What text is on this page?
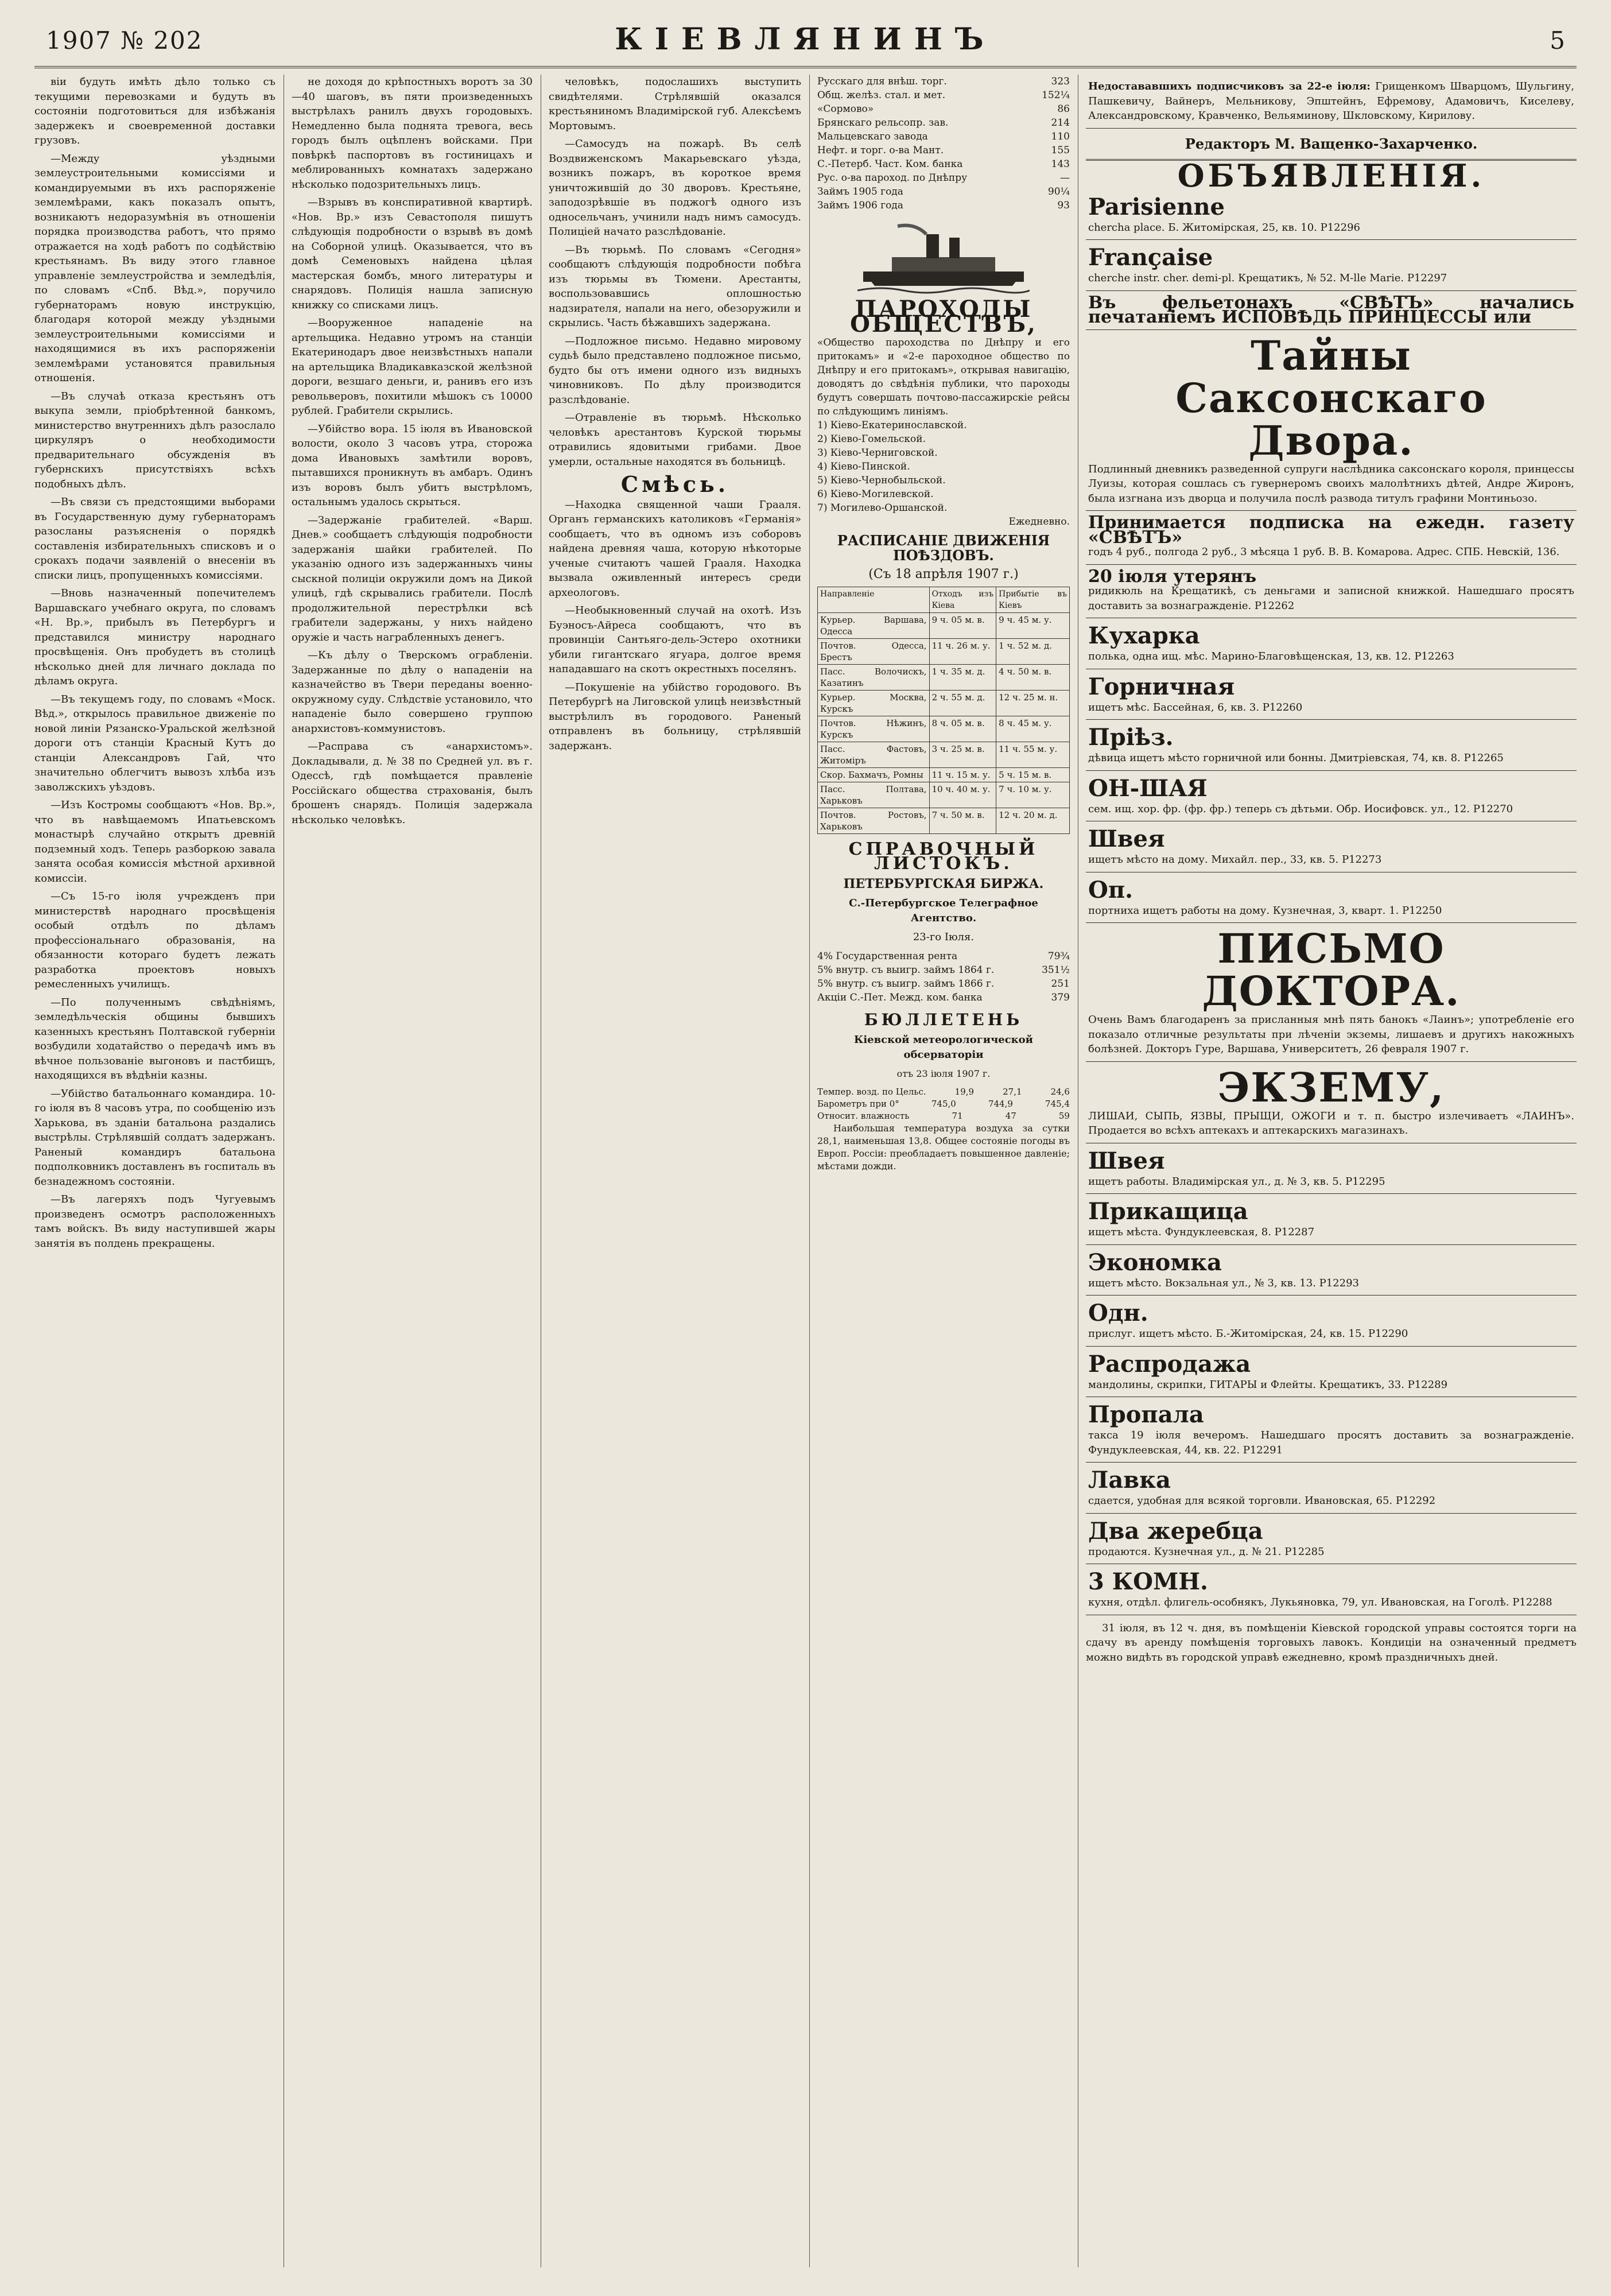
1907 № 202	КІЕВЛЯНИНЪ	5

віи будуть имѣть дѣло только съ текущими перевозками и будуть въ состояніи подготовиться для избѣжанія задержекъ и своевременной доставки грузовъ.

—Между уѣздными землеустроительными комиссіями и командируемыми въ ихъ распоряженіе землемѣрами, какъ показалъ опытъ, возникаютъ недоразумѣнія въ отношеніи порядка производства работъ, что прямо отражается на ходѣ работъ по содѣйствію крестьянамъ. Въ виду этого главное управленіе землеустройства и земледѣлія, по словамъ «Спб. Вѣд.», поручило губернаторамъ новую инструкцію, благодаря которой между уѣздными землеустроительными комиссіями и находящимися въ ихъ распоряженіи землемѣрами установятся правильныя отношенія.

—Въ случаѣ отказа крестьянъ отъ выкупа земли, пріобрѣтенной банкомъ, министерство внутреннихъ дѣлъ разослало циркуляръ о необходимости предварительнаго обсужденія въ губернскихъ присутствіяхъ всѣхъ подобныхъ дѣлъ.

—Въ связи съ предстоящими выборами въ Государственную думу губернаторамъ разосланы разъясненія о порядкѣ составленія избирательныхъ списковъ и о срокахъ подачи заявленій о внесеніи въ списки лицъ, пропущенныхъ комиссіями.

—Вновь назначенный попечителемъ Варшавскаго учебнаго округа, по словамъ «Н. Вр.», прибылъ въ Петербургъ и представился министру народнаго просвѣщенія. Онъ пробудетъ въ столицѣ нѣсколько дней для личнаго доклада по дѣламъ округа.

—Въ текущемъ году, по словамъ «Моск. Вѣд.», открылось правильное движеніе по новой линіи Рязанско-Уральской желѣзной дороги отъ станціи Красный Кутъ до станціи Александровъ Гай, что значительно облегчитъ вывозъ хлѣба изъ заволжскихъ уѣздовъ.

—Изъ Костромы сообщаютъ «Нов. Вр.», что въ навѣщаемомъ Ипатьевскомъ монастырѣ случайно открытъ древній подземный ходъ. Теперь разборкою завала занята особая комиссія мѣстной архивной комиссіи.

—Съ 15-го іюля учрежденъ при министерствѣ народнаго просвѣщенія особый отдѣлъ по дѣламъ профессіональнаго образованія, на обязанности котораго будетъ лежать разработка проектовъ новыхъ ремесленныхъ училищъ.

—По полученнымъ свѣдѣніямъ, земледѣльческія общины бывшихъ казенныхъ крестьянъ Полтавской губерніи возбудили ходатайство о передачѣ имъ въ вѣчное пользованіе выгоновъ и пастбищъ, находящихся въ вѣдѣніи казны.

—Убійство батальоннаго командира. 10-го іюля въ 8 часовъ утра, по сообщенію изъ Харькова, въ зданіи батальона раздались выстрѣлы. Стрѣлявшій солдатъ задержанъ. Раненый командиръ батальона подполковникъ доставленъ въ госпиталь въ безнадежномъ состояніи.

—Въ лагеряхъ подъ Чугуевымъ произведенъ осмотръ расположенныхъ тамъ войскъ. Въ виду наступившей жары занятія въ полдень прекращены.

не доходя до крѣпостныхъ воротъ за 30—40 шаговъ, въ пяти произведенныхъ выстрѣлахъ ранилъ двухъ городовыхъ. Немедленно была поднята тревога, весь городъ былъ оцѣпленъ войсками. При повѣркѣ паспортовъ въ гостиницахъ и меблированныхъ комнатахъ задержано нѣсколько подозрительныхъ лицъ.

—Взрывъ въ конспиративной квартирѣ. «Нов. Вр.» изъ Севастополя пишутъ слѣдующія подробности о взрывѣ въ домѣ на Соборной улицѣ. Оказывается, что въ домѣ Семеновыхъ найдена цѣлая мастерская бомбъ, много литературы и снарядовъ. Полиція нашла записную книжку со списками лицъ.

—Вооруженное нападеніе на артельщика. Недавно утромъ на станціи Екатеринодаръ двое неизвѣстныхъ напали на артельщика Владикавказской желѣзной дороги, везшаго деньги, и, ранивъ его изъ револьверовъ, похитили мѣшокъ съ 10000 рублей. Грабители скрылись.

—Убійство вора. 15 іюля въ Ивановской волости, около 3 часовъ утра, сторожа дома Ивановыхъ замѣтили воровъ, пытавшихся проникнуть въ амбаръ. Одинъ изъ воровъ былъ убитъ выстрѣломъ, остальнымъ удалось скрыться.

—Задержаніе грабителей. «Варш. Днев.» сообщаетъ слѣдующія подробности задержанія шайки грабителей. По указанію одного изъ задержанныхъ чины сыскной полиціи окружили домъ на Дикой улицѣ, гдѣ скрывались грабители. Послѣ продолжительной перестрѣлки всѣ грабители задержаны, у нихъ найдено оружіе и часть награбленныхъ денегъ.

—Къ дѣлу о Тверскомъ ограбленіи. Задержанные по дѣлу о нападеніи на казначейство въ Твери переданы военно-окружному суду. Слѣдствіе установило, что нападеніе было совершено группою анархистовъ-коммунистовъ.

—Расправа съ «анархистомъ». Докладывали, д. № 38 по Средней ул. въ г. Одессѣ, гдѣ помѣщается правленіе Россійскаго общества страхованія, былъ брошенъ снарядъ. Полиція задержала нѣсколько человѣкъ.

человѣкъ, подослашихъ выступить свидѣтелями. Стрѣлявшій оказался крестьяниномъ Владимірской губ. Алексѣемъ Мортовымъ.

—Самосудъ на пожарѣ. Въ селѣ Воздвиженскомъ Макарьевскаго уѣзда, возникъ пожаръ, въ короткое время уничтожившій до 30 дворовъ. Крестьяне, заподозрѣвшіе въ поджогѣ одного изъ односельчанъ, учинили надъ нимъ самосудъ. Полиціей начато разслѣдованіе.

—Въ тюрьмѣ. По словамъ «Сегодня» сообщаютъ слѣдующія подробности побѣга изъ тюрьмы въ Тюмени. Арестанты, воспользовавшись оплошностью надзирателя, напали на него, обезоружили и скрылись. Часть бѣжавшихъ задержана.

—Подложное письмо. Недавно мировому судьѣ было представлено подложное письмо, будто бы отъ имени одного изъ видныхъ чиновниковъ. По дѣлу производится разслѣдованіе.

—Отравленіе въ тюрьмѣ. Нѣсколько человѣкъ арестантовъ Курской тюрьмы отравились ядовитыми грибами. Двое умерли, остальные находятся въ больницѣ.

Смѣсь.

—Находка священной чаши Грааля. Органъ германскихъ католиковъ «Германія» сообщаетъ, что въ одномъ изъ соборовъ найдена древняя чаша, которую нѣкоторые ученые считаютъ чашей Грааля. Находка вызвала оживленный интересъ среди археологовъ.

—Необыкновенный случай на охотѣ. Изъ Буэносъ-Айреса сообщаютъ, что въ провинціи Сантьяго-дель-Эстеро охотники убили гигантскаго ягуара, долгое время нападавшаго на скотъ окрестныхъ поселянъ.

—Покушеніе на убійство городового. Въ Петербургѣ на Лиговской улицѣ неизвѣстный выстрѣлилъ въ городового. Раненый отправленъ въ больницу, стрѣлявшій задержанъ.

Русскаго для внѣш. торг.	323
Общ. желѣз. стал. и мет.	152¼
«Сормово»	86
Брянскаго рельсопр. зав.	214
Мальцевскаго завода	110
Нефт. и торг. о-ва Мант.	155
С.-Петерб. Част. Ком. банка	143
Рус. о-ва пароход. по Днѣпру	—
Займъ 1905 года	90¼
Займъ 1906 года	93
ПАРОХОДЫ ОБЩЕСТВЪ,
«Общество пароходства по Днѣпру и его притокамъ» и «2-е пароходное общество по Днѣпру и его притокамъ», открывая навигацію, доводятъ до свѣдѣнія публики, что пароходы будутъ совершать почтово-пассажирскіе рейсы по слѣдующимъ линіямъ.
1) Кіево-Екатеринославской.
2) Кіево-Гомельской.
3) Кіево-Черниговской.
4) Кіево-Пинской.
5) Кіево-Чернобыльской.
6) Кіево-Могилевской.
7) Могилево-Оршанской.
Ежедневно.
РАСПИСАНІЕ ДВИЖЕНІЯ ПОѢЗДОВЪ.
(Съ 18 апрѣля 1907 г.)
Направленіе	Отходъ изъ Кіева	Прибытіе въ Кіевъ
Курьер. Варшава, Одесса	9 ч. 05 м. в.	9 ч. 45 м. у.
Почтов. Одесса, Брестъ	11 ч. 26 м. у.	1 ч. 52 м. д.
Пасс. Волочискъ, Казатинъ	1 ч. 35 м. д.	4 ч. 50 м. в.
Курьер. Москва, Курскъ	2 ч. 55 м. д.	12 ч. 25 м. н.
Почтов. Нѣжинъ, Курскъ	8 ч. 05 м. в.	8 ч. 45 м. у.
Пасс. Фастовъ, Житоміръ	3 ч. 25 м. в.	11 ч. 55 м. у.
Скор. Бахмачъ, Ромны	11 ч. 15 м. у.	5 ч. 15 м. в.
Пасс. Полтава, Харьковъ	10 ч. 40 м. у.	7 ч. 10 м. у.
Почтов. Ростовъ, Харьковъ	7 ч. 50 м. в.	12 ч. 20 м. д.
СПРАВОЧНЫЙ ЛИСТОКЪ.
ПЕТЕРБУРГСКАЯ БИРЖА.
С.-Петербургское Телеграфное Агентство.
23-го Іюля.
4% Государственная рента	79¾
5% внутр. съ выигр. займъ 1864 г.	351½
5% внутр. съ выигр. займъ 1866 г.	251
Акціи С.-Пет. Межд. ком. банка	379
БЮЛЛЕТЕНЬ
Кіевской метеорологической обсерваторіи
отъ 23 іюля 1907 г.
Темпер. возд. по Цельс.	19,9	27,1	24,6
Барометръ при 0°	745,0	744,9	745,4
Относит. влажность	71	47	59

Наибольшая температура воздуха за сутки 28,1, наименьшая 13,8. Общее состояніе погоды въ Европ. Россіи: преобладаетъ повышенное давленіе; мѣстами дожди.

Недостававшихъ подписчиковъ за 22-е іюля: Грищенкомъ Шварцомъ, Шульгину, Пашкевичу, Вайнеръ, Мельникову, Эпштейнъ, Ефремову, Адамовичъ, Киселеву, Александровскому, Кравченко, Вельяминову, Шкловскому, Кирилову.
Редакторъ М. Ващенко-Захарченко.
ОБЪЯВЛЕНІЯ.
Parisienne
chercha place. Б. Житомірская, 25, кв. 10. Р12296
Française
cherche instr. cher. demi-pl. Крещатикъ, № 52. M-lle Marie. Р12297
Въ фельетонахъ «СВѢТЪ» начались печатаніемъ ИСПОВѢДЬ ПРИНЦЕССЫ или
Тайны Саксонскаго Двора.
Подлинный дневникъ разведенной супруги наслѣдника саксонскаго короля, принцессы Луизы, которая сошлась съ гувернеромъ своихъ малолѣтнихъ дѣтей, Андре Жиронъ, была изгнана изъ дворца и получила послѣ развода титулъ графини Монтиньозо.
Принимается подписка на ежедн. газету «СВѢТЪ»
годъ 4 руб., полгода 2 руб., 3 мѣсяца 1 руб. В. В. Комарова. Адрес. СПБ. Невскій, 136.
20 іюля утерянъ
ридикюль на Крещатикѣ, съ деньгами и записной книжкой. Нашедшаго просятъ доставить за вознагражденіе. Р12262
Кухарка
полька, одна ищ. мѣс. Марино-Благовѣщенская, 13, кв. 12. Р12263
Горничная
ищетъ мѣс. Бассейная, 6, кв. 3. Р12260
Пріѣз.
дѣвица ищетъ мѣсто горничной или бонны. Дмитріевская, 74, кв. 8. Р12265
ОН-ШАЯ
сем. ищ. хор. фр. (фр. фр.) теперь съ дѣтьми. Обр. Иосифовск. ул., 12. Р12270
Швея
ищетъ мѣсто на дому. Михайл. пер., 33, кв. 5. Р12273
Оп.
портниха ищетъ работы на дому. Кузнечная, 3, кварт. 1. Р12250
ПИСЬМО ДОКТОРА.
Очень Вамъ благодаренъ за присланныя мнѣ пять банокъ «Лаинъ»; употребленіе его показало отличные результаты при лѣченіи экземы, лишаевъ и другихъ накожныхъ болѣзней. Докторъ Гуре, Варшава, Университетъ, 26 февраля 1907 г.
ЭКЗЕМУ,
ЛИШАИ, СЫПЬ, ЯЗВЫ, ПРЫЩИ, ОЖОГИ и т. п. быстро излечиваетъ «ЛАИНЪ». Продается во всѣхъ аптекахъ и аптекарскихъ магазинахъ.
Швея
ищетъ работы. Владимірская ул., д. № 3, кв. 5. Р12295
Прикащица
ищетъ мѣста. Фундуклеевская, 8. Р12287
Экономка
ищетъ мѣсто. Вокзальная ул., № 3, кв. 13. Р12293
Одн.
прислуг. ищетъ мѣсто. Б.-Житомірская, 24, кв. 15. Р12290
Распродажа
мандолины, скрипки, ГИТАРЫ и Флейты. Крещатикъ, 33. Р12289
Пропала
такса 19 іюля вечеромъ. Нашедшаго просятъ доставить за вознагражденіе. Фундуклеевская, 44, кв. 22. Р12291
Лавка
сдается, удобная для всякой торговли. Ивановская, 65. Р12292
Два жеребца
продаются. Кузнечная ул., д. № 21. Р12285
3 КОМН.
кухня, отдѣл. флигель-особнякъ, Лукьяновка, 79, ул. Ивановская, на Гоголѣ. Р12288

31 іюля, въ 12 ч. дня, въ помѣщеніи Кіевской городской управы состоятся торги на сдачу въ аренду помѣщенія торговыхъ лавокъ. Кондиціи на означенный предметъ можно видѣть въ городской управѣ ежедневно, кромѣ праздничныхъ дней.
